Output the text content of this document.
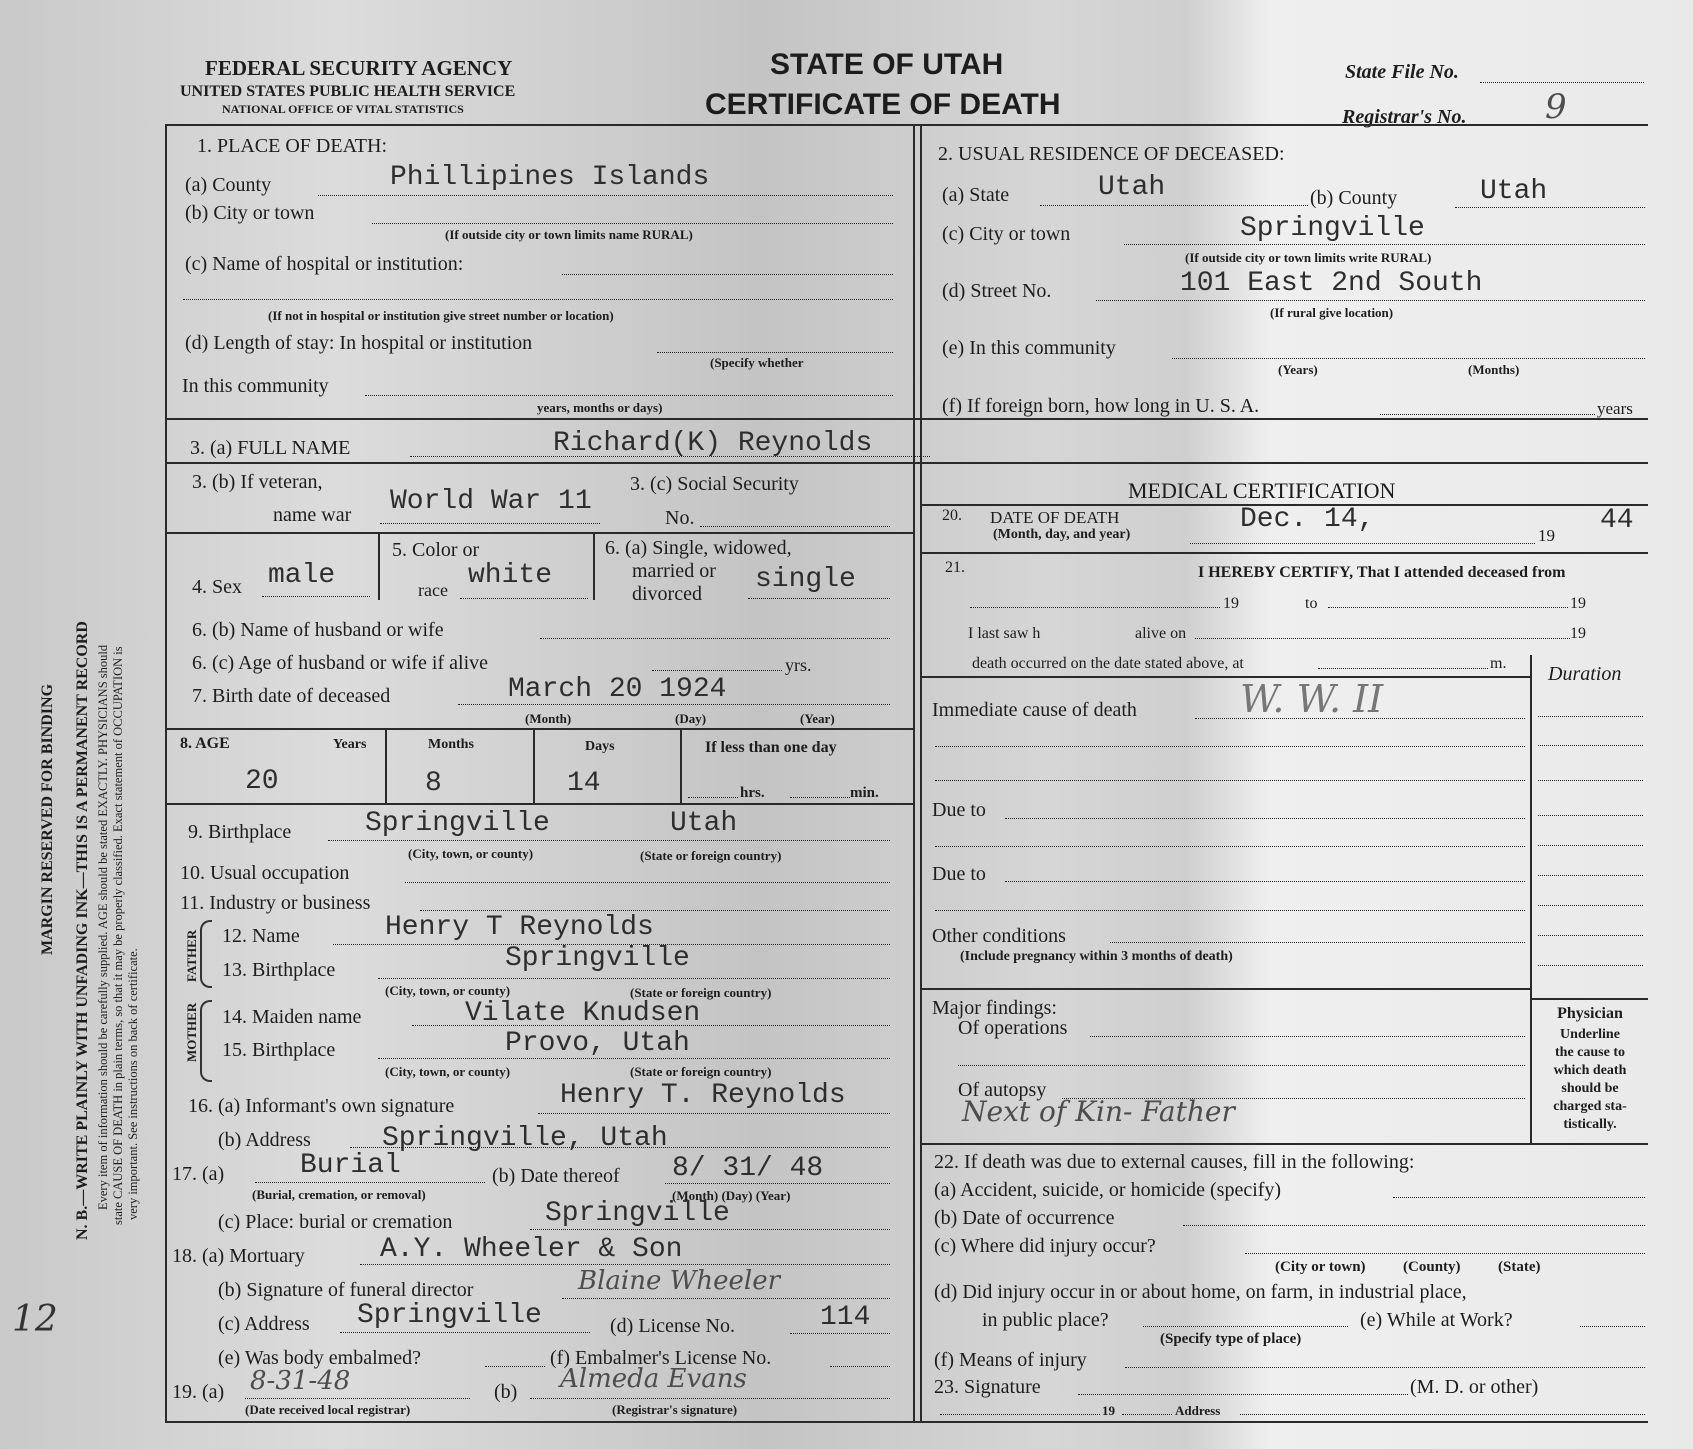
FEDERAL SECURITY AGENCY
UNITED STATES PUBLIC HEALTH SERVICE
NATIONAL OFFICE OF VITAL STATISTICS
STATE OF UTAH
CERTIFICATE OF DEATH
State File No.
Registrar's No. 9
MARGIN RESERVED FOR BINDING N. B.—WRITE PLAINLY WITH UNFADING INK—THIS IS A PERMANENT RECORD Every item of information should be carefully supplied. AGE should be stated EXACTLY. PHYSICIANS should state CAUSE OF DEATH in plain terms, so that it may be properly classified. Exact statement of OCCUPATION is very important. See instructions on back of certificate.
12
1. PLACE OF DEATH:
(a) County	Phillipines Islands
(b) City or town
(If outside city or town limits name RURAL)
(c) Name of hospital or institution:
(If not in hospital or institution give street number or location)
(d) Length of stay: In hospital or institution
(Specify whether
In this community
years, months or days)
2. USUAL RESIDENCE OF DECEASED:
(a) State	Utah	(b) County	Utah
(c) City or town	Springville
(If outside city or town limits write RURAL)
(d) Street No.	101 East 2nd South
(If rural give location)
(e) In this community
(Years)	(Months)
(f) If foreign born, how long in U. S. A.	years
3. (a) FULL NAME	Richard(K) Reynolds
3. (b) If veteran,
name war World War 11
3. (c) Social Security
No.
4. Sex male
5. Color or
race white
6. (a) Single, widowed,
married or
divorced single
6. (b) Name of husband or wife
6. (c) Age of husband or wife if alive	yrs.
7. Birth date of deceased	March 20 1924
(Month)	(Day)	(Year)
8. AGE	Years	Months	Days	If less than one day
20	8	14	hrs.	min.
9. Birthplace	Springville	Utah
(City, town, or county)	(State or foreign country)
10. Usual occupation
11. Industry or business
FATHER
MOTHER
12. Name	Henry T Reynolds
13. Birthplace	Springville
(City, town, or county)	(State or foreign country)
14. Maiden name	Vilate Knudsen
15. Birthplace	Provo, Utah
(City, town, or county)	(State or foreign country)
16. (a) Informant's own signature	Henry T. Reynolds
(b) Address	Springville, Utah
17. (a)	Burial
(Burial, cremation, or removal)
(b) Date thereof 8/ 31/ 48
(Month) (Day) (Year)
(c) Place: burial or cremation	Springville
18. (a) Mortuary	A.Y. Wheeler & Son
(b) Signature of funeral director	Blaine Wheeler
(c) Address Springville	(d) License No.	114
(e) Was body embalmed?	(f) Embalmer's License No.
19. (a) 8-31-48
(Date received local registrar)
(b) Almeda Evans
(Registrar's signature)
MEDICAL CERTIFICATION
20. DATE OF DEATH
(Month, day, and year)	Dec. 14,
19 44
21.	I HEREBY CERTIFY, That I attended deceased from
19	to	19
I last saw h	alive on	19
death occurred on the date stated above, at	m. Duration
Physician
Underline
the cause to
which death
should be
charged sta-
tistically.
Immediate cause of death	W. W. II
Due to
Due to
Other conditions
(Include pregnancy within 3 months of death)
Major findings:
Of operations
Of autopsy
Next of Kin- Father
22. If death was due to external causes, fill in the following:
(a) Accident, suicide, or homicide (specify)
(b) Date of occurrence
(c) Where did injury occur?
(City or town)          (County)          (State)
(d) Did injury occur in or about home, on farm, in industrial place,
in public place?
(Specify type of place)
(e) While at Work?
(f) Means of injury
23. Signature	(M. D. or other)
19	Address
